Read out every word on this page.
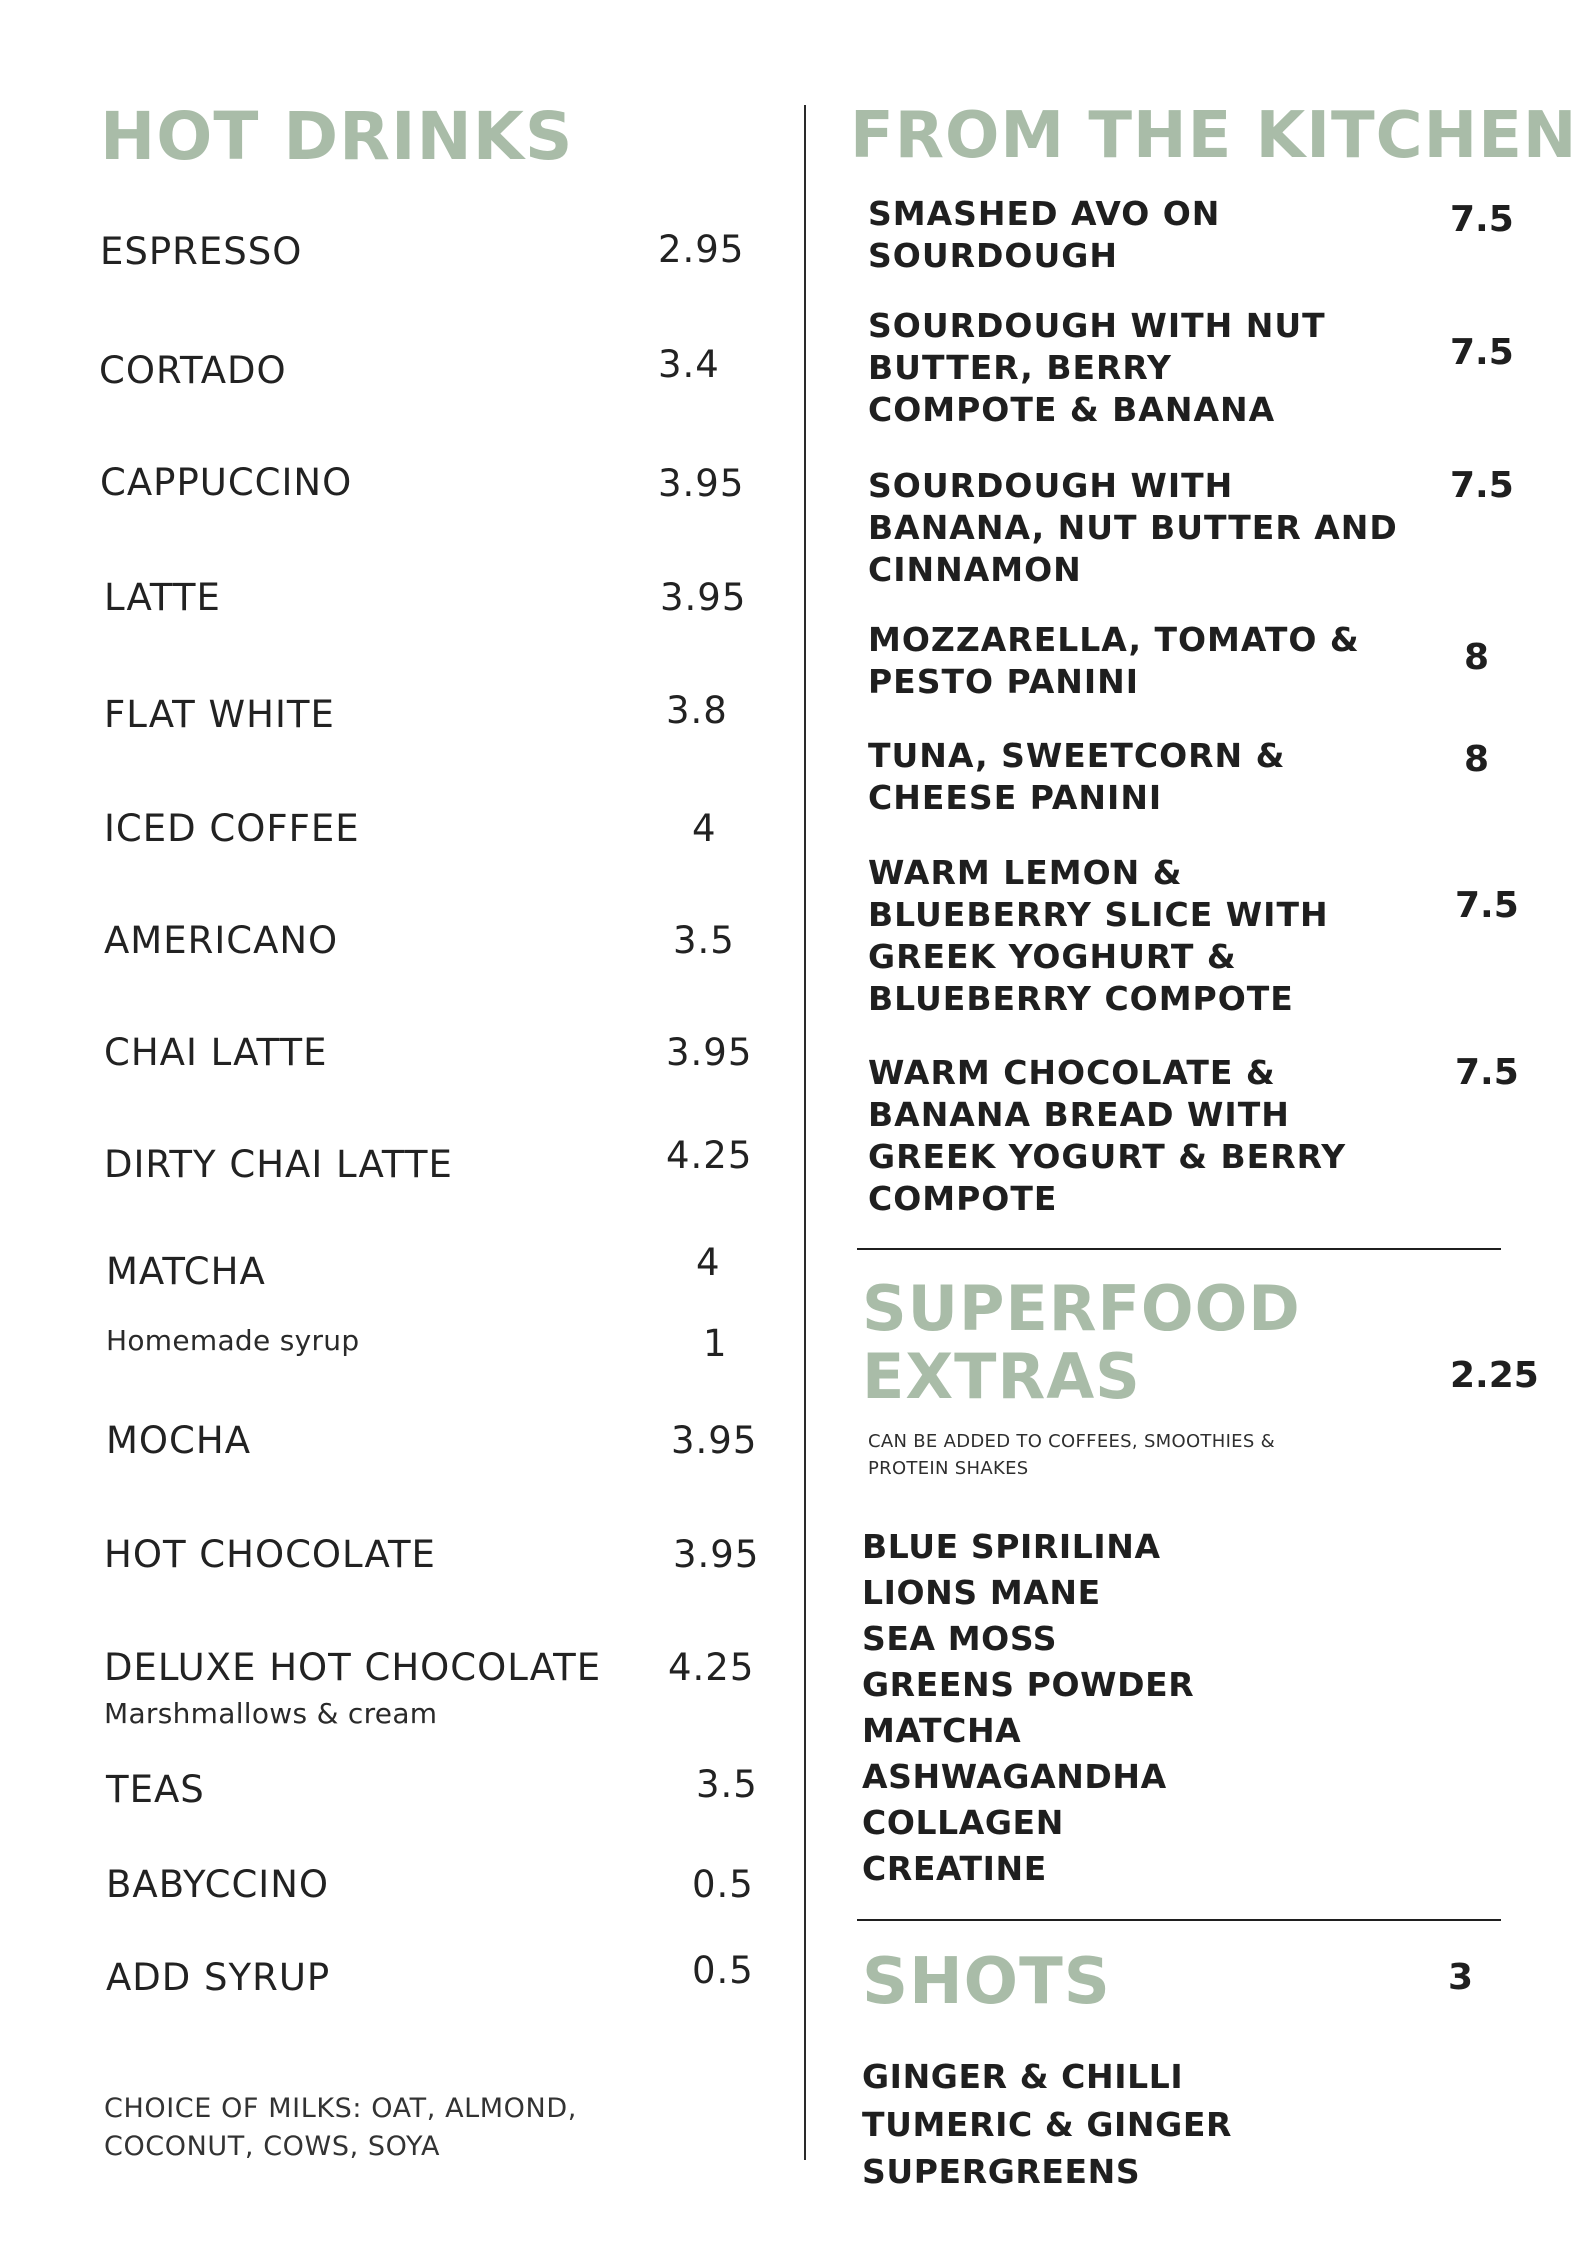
HOT DRINKS
ESPRESSO	2.95
CORTADO	3.4
CAPPUCCINO	3.95
LATTE	3.95
FLAT WHITE	3.8
ICED COFFEE	4
AMERICANO	3.5
CHAI LATTE	3.95
DIRTY CHAI LATTE	4.25
MATCHA	4
Homemade syrup	1
MOCHA	3.95
HOT CHOCOLATE	3.95
DELUXE HOT CHOCOLATE 4.25
Marshmallows & cream
TEAS	3.5
BABYCCINO	0.5
ADD SYRUP	0.5
CHOICE OF MILKS: OAT, ALMOND,
COCONUT, COWS, SOYA
FROM THE KITCHEN
SMASHED AVO ON
SOURDOUGH
7.5
SOURDOUGH WITH NUT
BUTTER, BERRY
COMPOTE & BANANA
7.5
SOURDOUGH WITH
BANANA, NUT BUTTER AND
CINNAMON
7.5
MOZZARELLA, TOMATO &
PESTO PANINI
8
TUNA, SWEETCORN &
CHEESE PANINI
8
WARM LEMON &
BLUEBERRY SLICE WITH
GREEK YOGHURT &
BLUEBERRY COMPOTE
7.5
WARM CHOCOLATE &
BANANA BREAD WITH
GREEK YOGURT & BERRY
COMPOTE
7.5
SUPERFOOD
EXTRAS	2.25
CAN BE ADDED TO COFFEES, SMOOTHIES &
PROTEIN SHAKES
BLUE SPIRILINA
LIONS MANE
SEA MOSS
GREENS POWDER
MATCHA
ASHWAGANDHA
COLLAGEN
CREATINE
SHOTS	3
GINGER & CHILLI
TUMERIC & GINGER
SUPERGREENS
